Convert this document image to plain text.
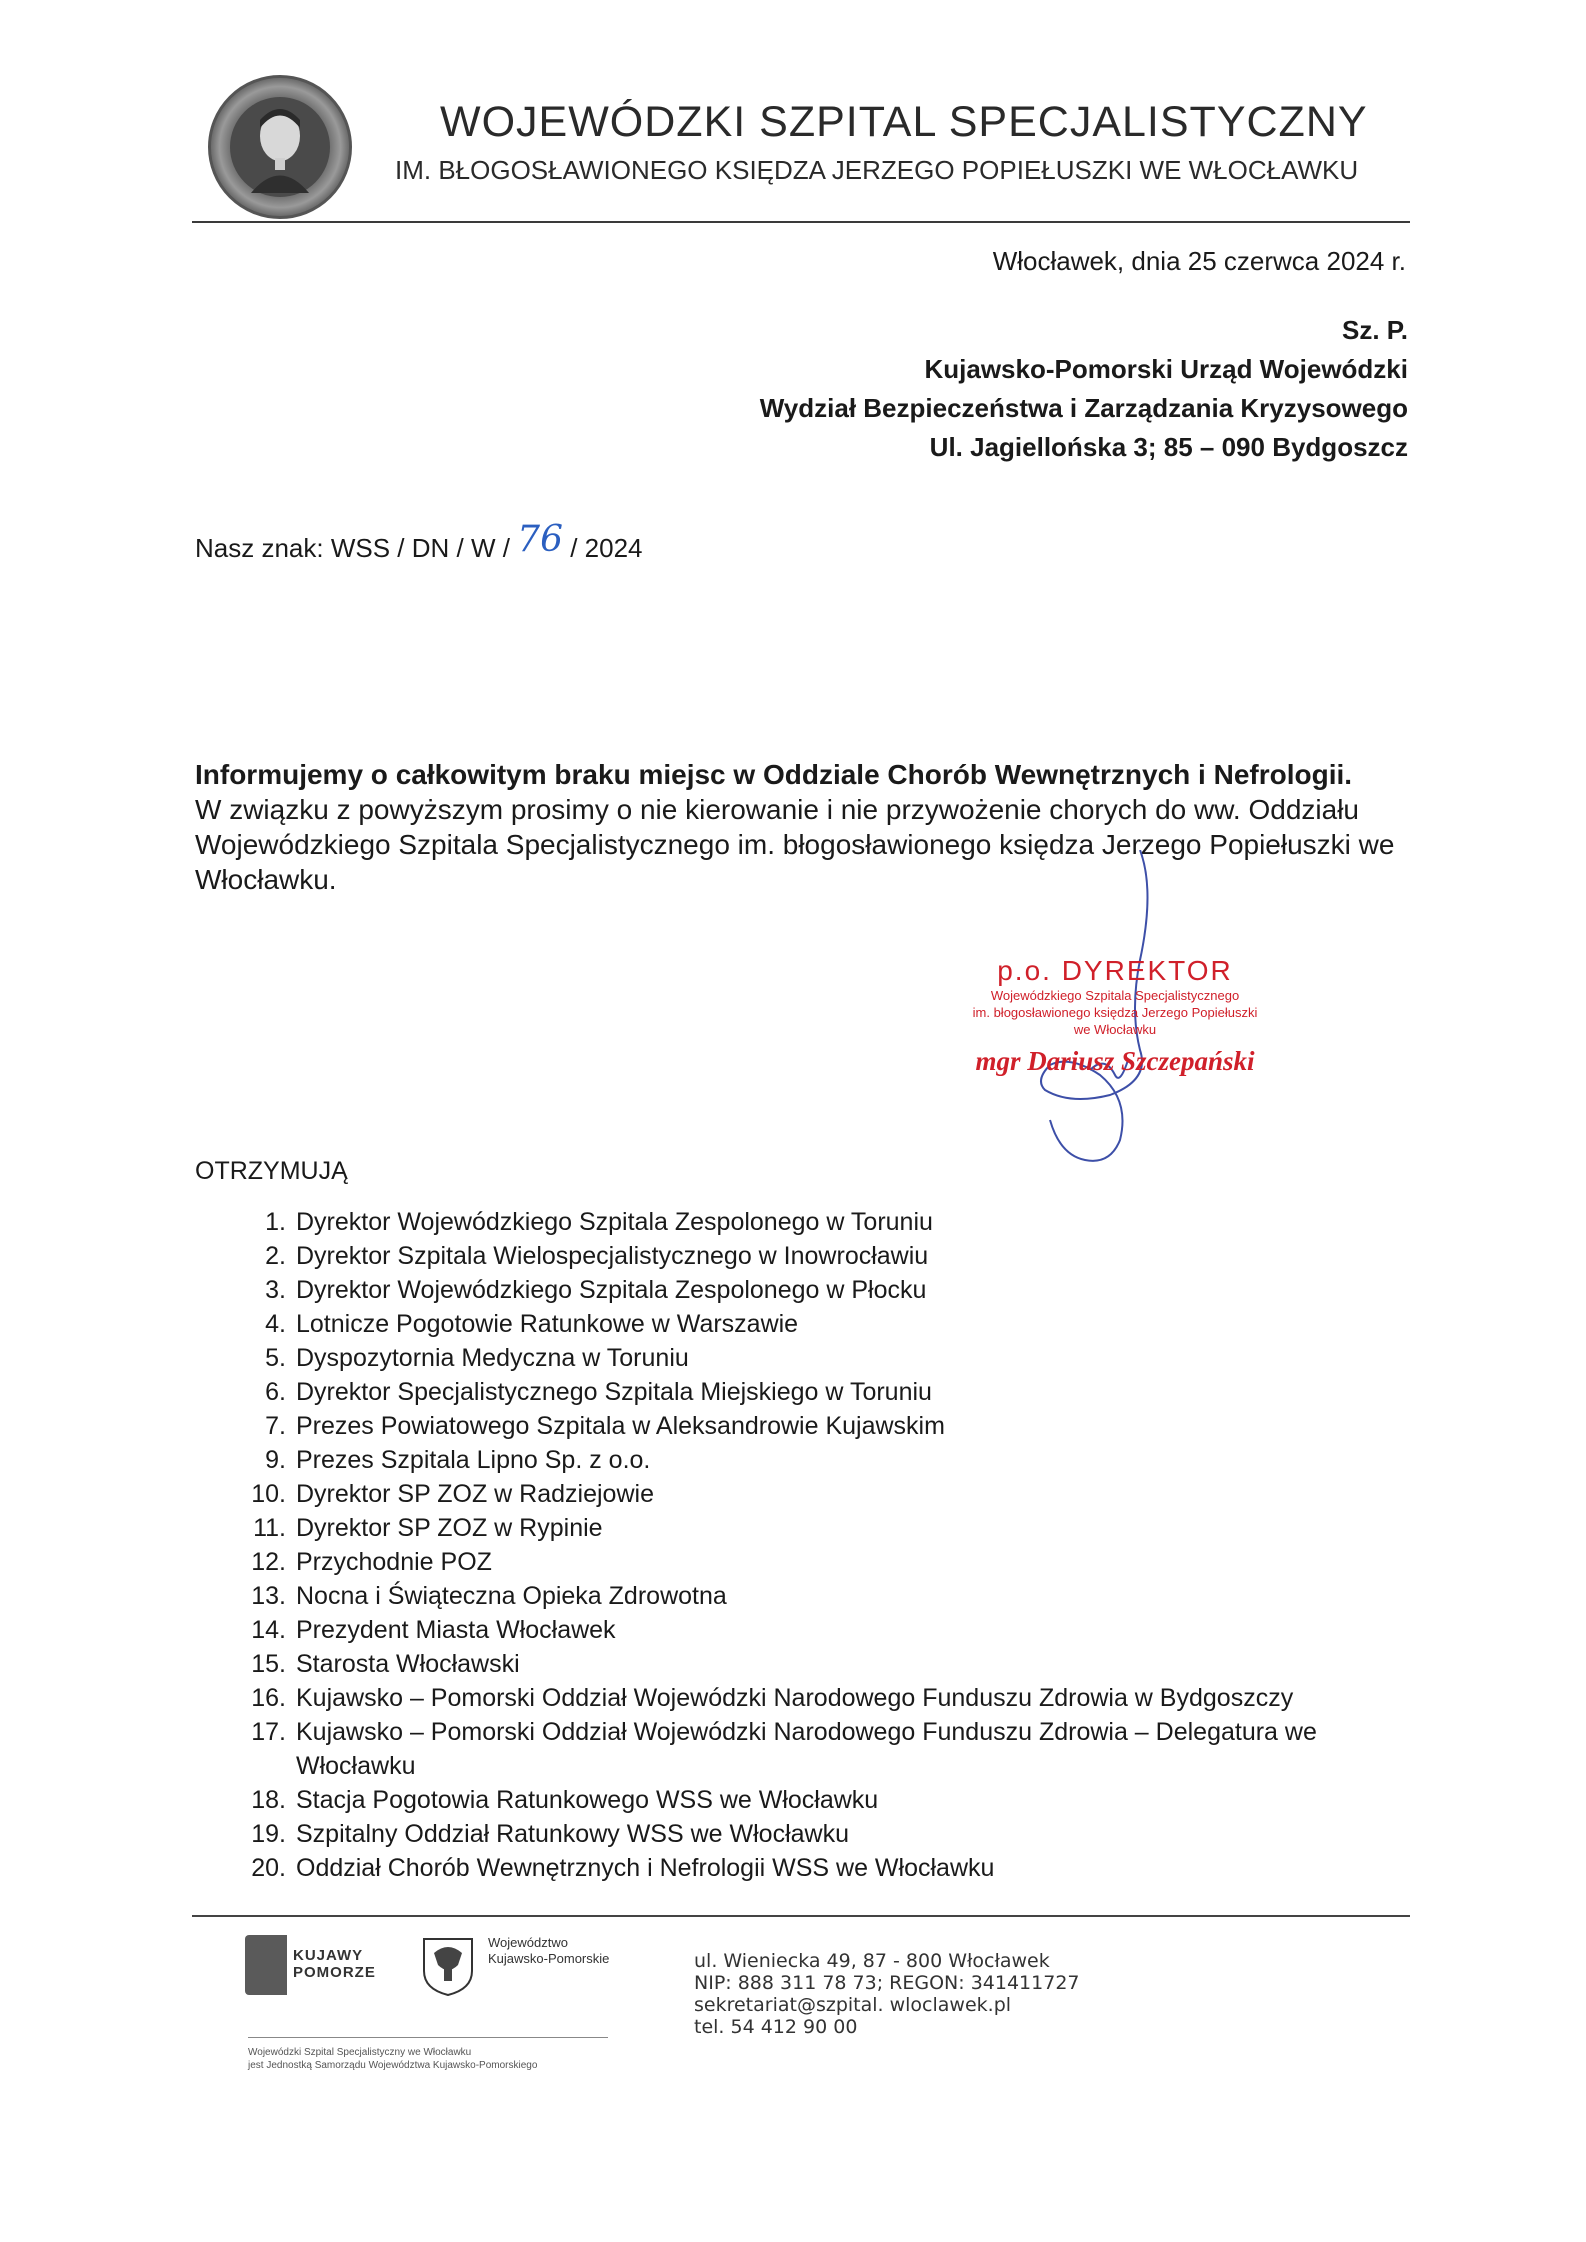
WOJEWÓDZKI SZPITAL SPECJALISTYCZNY
IM. BŁOGOSŁAWIONEGO KSIĘDZA JERZEGO POPIEŁUSZKI WE WŁOCŁAWKU
Włocławek, dnia 25 czerwca 2024 r.
Sz. P.
Kujawsko-Pomorski Urząd Wojewódzki
Wydział Bezpieczeństwa i Zarządzania Kryzysowego
Ul. Jagiellońska 3; 85 – 090 Bydgoszcz
Nasz znak: WSS / DN / W / 76 / 2024
Informujemy o całkowitym braku miejsc w Oddziale Chorób Wewnętrznych i Nefrologii.
W związku z powyższym prosimy o nie kierowanie i nie przywożenie chorych do ww. Oddziału Wojewódzkiego Szpitala Specjalistycznego im. błogosławionego księdza Jerzego Popiełuszki we Włocławku.
p.o. DYREKTOR
Wojewódzkiego Szpitala Specjalistycznego
im. błogosławionego księdza Jerzego Popiełuszki
we Włocławku
mgr Dariusz Szczepański
OTRZYMUJĄ
1. Dyrektor Wojewódzkiego Szpitala Zespolonego w Toruniu
2. Dyrektor Szpitala Wielospecjalistycznego w Inowrocławiu
3. Dyrektor Wojewódzkiego Szpitala Zespolonego w Płocku
4. Lotnicze Pogotowie Ratunkowe w Warszawie
5. Dyspozytornia Medyczna w Toruniu
6. Dyrektor Specjalistycznego Szpitala Miejskiego w Toruniu
7. Prezes Powiatowego Szpitala w Aleksandrowie Kujawskim
9. Prezes Szpitala Lipno Sp. z o.o.
10. Dyrektor SP ZOZ w Radziejowie
11. Dyrektor SP ZOZ w Rypinie
12. Przychodnie POZ
13. Nocna i Świąteczna Opieka Zdrowotna
14. Prezydent Miasta Włocławek
15. Starosta Włocławski
16. Kujawsko – Pomorski Oddział Wojewódzki Narodowego Funduszu Zdrowia w Bydgoszczy
17. Kujawsko – Pomorski Oddział Wojewódzki Narodowego Funduszu Zdrowia – Delegatura we Włocławku
18. Stacja Pogotowia Ratunkowego WSS we Włocławku
19. Szpitalny Oddział Ratunkowy WSS we Włocławku
20. Oddział Chorób Wewnętrznych i Nefrologii WSS we Włocławku
KUJAWY
POMORZE
Województwo
Kujawsko-Pomorskie	ul. Wieniecka 49, 87 - 800 Włocławek
NIP: 888 311 78 73; REGON: 341411727
sekretariat@szpital. wloclawek.pl
tel. 54 412 90 00
Wojewódzki Szpital Specjalistyczny we Włocławku
jest Jednostką Samorządu Województwa Kujawsko-Pomorskiego
